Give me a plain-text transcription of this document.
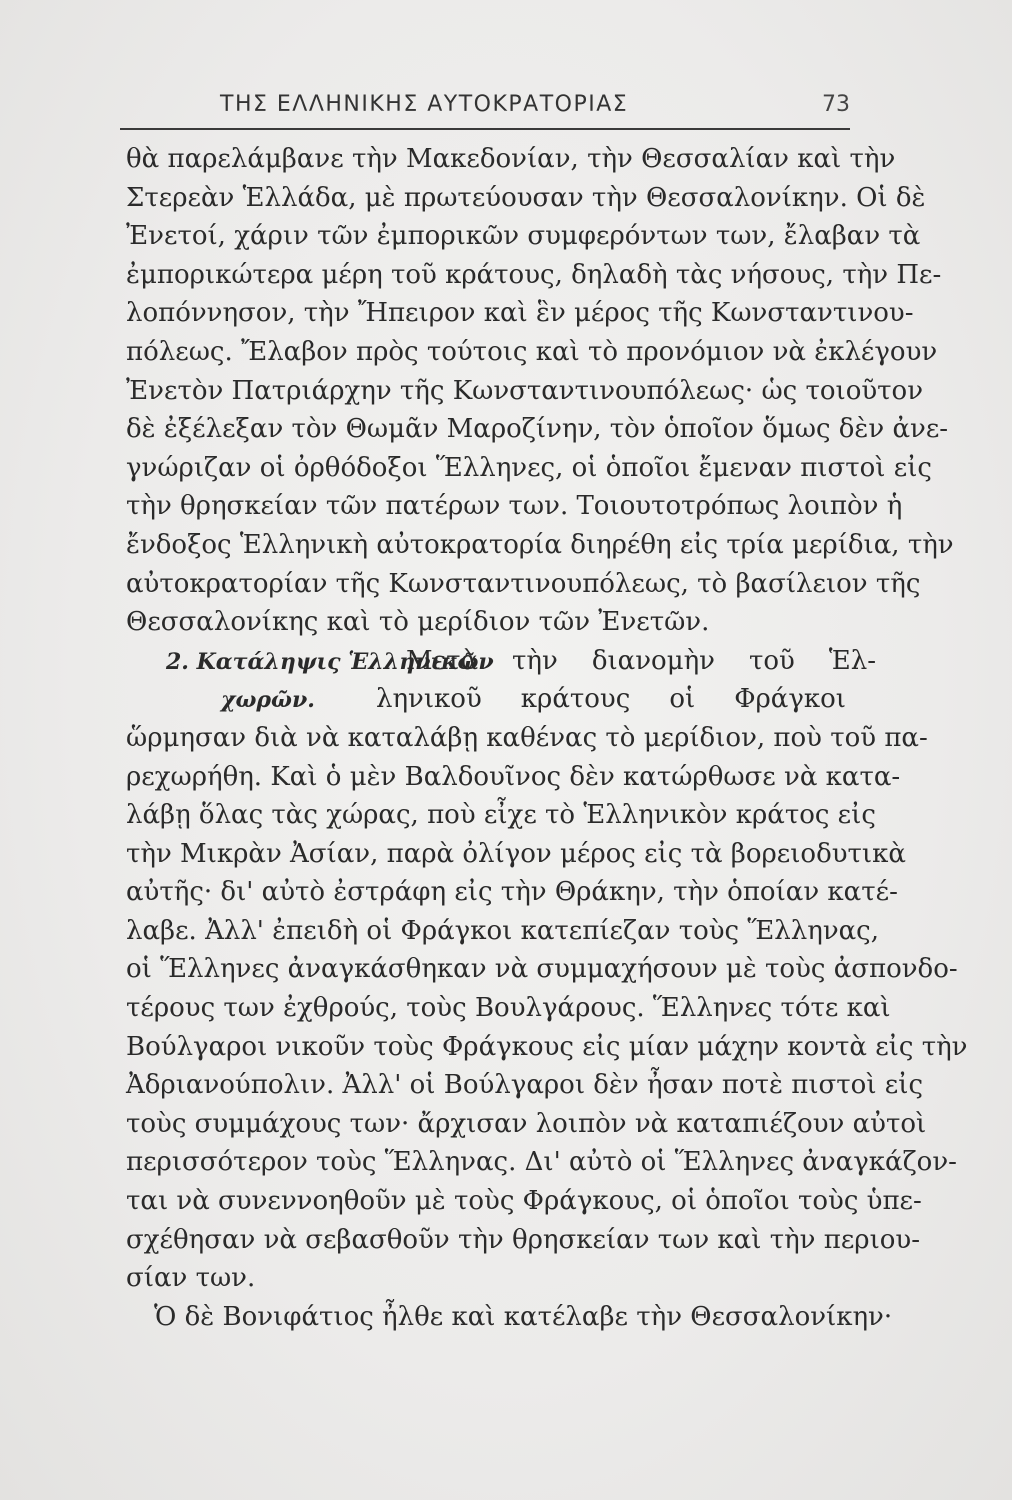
ΤΗΣ ΕΛΛΗΝΙΚΗΣ ΑΥΤΟΚΡΑΤΟΡΙΑΣ	73
θὰ παρελάμβανε τὴν Μακεδονίαν, τὴν Θεσσαλίαν καὶ τὴν
Στερεὰν Ἑλλάδα, μὲ πρωτεύουσαν τὴν Θεσσαλονίκην. Οἱ δὲ
Ἐνετοί, χάριν τῶν ἐμπορικῶν συμφερόντων των, ἔλαβαν τὰ
ἐμπορικώτερα μέρη τοῦ κράτους, δηλαδὴ τὰς νήσους, τὴν Πε-
λοπόννησον, τὴν Ἤπειρον καὶ ἓν μέρος τῆς Κωνσταντινου-
πόλεως. Ἔλαβον πρὸς τούτοις καὶ τὸ προνόμιον νὰ ἐκλέγουν
Ἐνετὸν Πατριάρχην τῆς Κωνσταντινουπόλεως· ὡς τοιοῦτον
δὲ ἐξέλεξαν τὸν Θωμᾶν Μαροζίνην, τὸν ὁποῖον ὅμως δὲν ἀνε-
γνώριζαν οἱ ὀρθόδοξοι Ἕλληνες, οἱ ὁποῖοι ἔμεναν πιστοὶ εἰς
τὴν θρησκείαν τῶν πατέρων των. Τοιουτοτρόπως λοιπὸν ἡ
ἔνδοξος Ἑλληνικὴ αὐτοκρατορία διηρέθη εἰς τρία μερίδια, τὴν
αὐτοκρατορίαν τῆς Κωνσταντινουπόλεως, τὸ βασίλειον τῆς
Θεσσαλονίκης καὶ τὸ μερίδιον τῶν Ἐνετῶν.
2. Κατάληψις ἙλληνικῶνΜετὰ τὴν διανομὴν τοῦ Ἑλ-
χωρῶν. ληνικοῦ κράτους οἱ Φράγκοι
ὥρμησαν διὰ νὰ καταλάβῃ καθένας τὸ μερίδιον, ποὺ τοῦ πα-
ρεχωρήθη. Καὶ ὁ μὲν Βαλδουῖνος δὲν κατώρθωσε νὰ κατα-
λάβῃ ὅλας τὰς χώρας, ποὺ εἶχε τὸ Ἑλληνικὸν κράτος εἰς
τὴν Μικρὰν Ἀσίαν, παρὰ ὀλίγον μέρος εἰς τὰ βορειοδυτικὰ
αὐτῆς· δι' αὐτὸ ἐστράφη εἰς τὴν Θράκην, τὴν ὁποίαν κατέ-
λαβε. Ἀλλ' ἐπειδὴ οἱ Φράγκοι κατεπίεζαν τοὺς Ἕλληνας,
οἱ Ἕλληνες ἀναγκάσθηκαν νὰ συμμαχήσουν μὲ τοὺς ἀσπονδο-
τέρους των ἐχθρούς, τοὺς Βουλγάρους. Ἕλληνες τότε καὶ
Βούλγαροι νικοῦν τοὺς Φράγκους εἰς μίαν μάχην κοντὰ εἰς τὴν
Ἀδριανούπολιν. Ἀλλ' οἱ Βούλγαροι δὲν ἦσαν ποτὲ πιστοὶ εἰς
τοὺς συμμάχους των· ἄρχισαν λοιπὸν νὰ καταπιέζουν αὐτοὶ
περισσότερον τοὺς Ἕλληνας. Δι' αὐτὸ οἱ Ἕλληνες ἀναγκάζον-
ται νὰ συνεννοηθοῦν μὲ τοὺς Φράγκους, οἱ ὁποῖοι τοὺς ὑπε-
σχέθησαν νὰ σεβασθοῦν τὴν θρησκείαν των καὶ τὴν περιου-
σίαν των.
Ὁ δὲ Βονιφάτιος ἦλθε καὶ κατέλαβε τὴν Θεσσαλονίκην·
